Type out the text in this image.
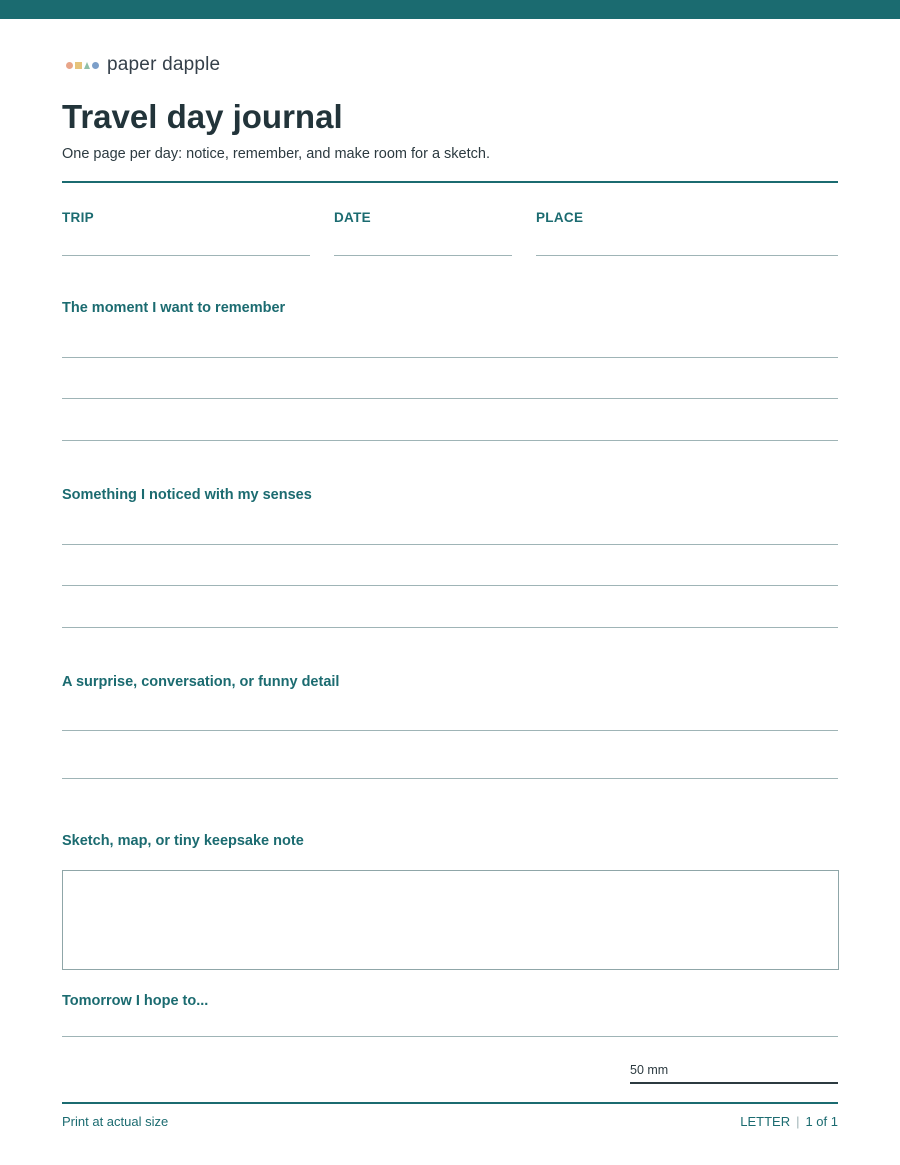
paper dapple
Travel day journal
One page per day: notice, remember, and make room for a sketch.
TRIP	DATE	PLACE
The moment I want to remember
Something I noticed with my senses
A surprise, conversation, or funny detail
Sketch, map, or tiny keepsake note
Tomorrow I hope to...
50 mm
Print at actual size	LETTER | 1 of 1
